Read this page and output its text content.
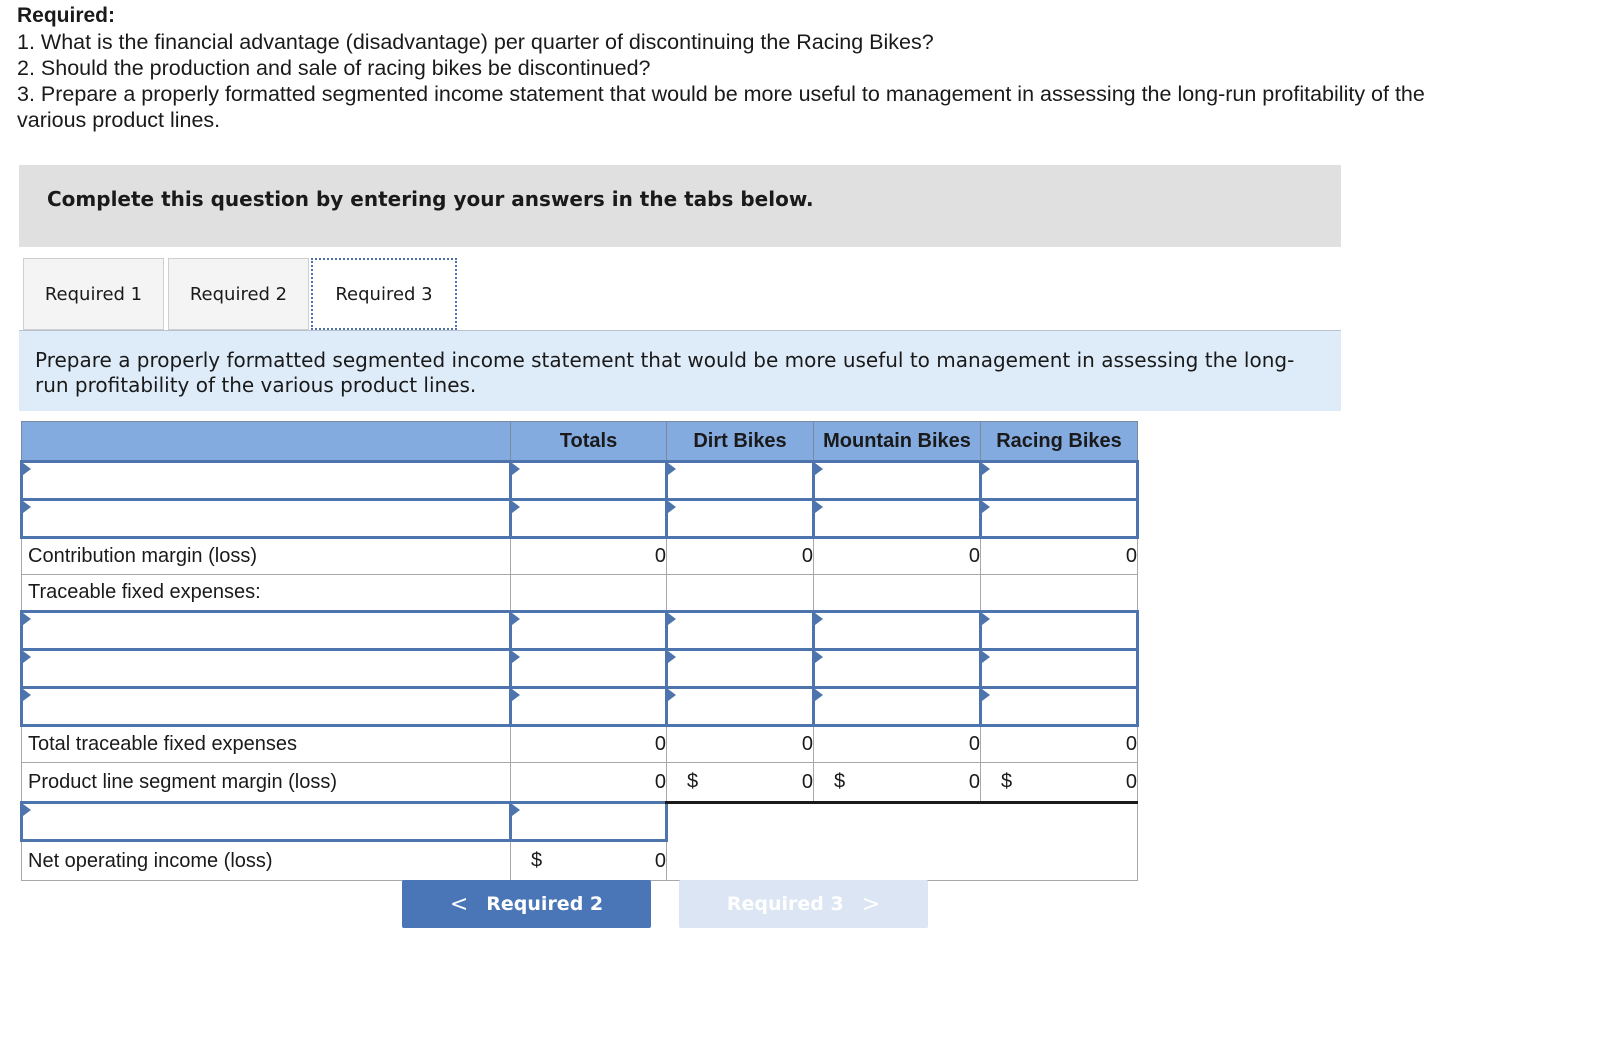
Required:
1. What is the financial advantage (disadvantage) per quarter of discontinuing the Racing Bikes?
2. Should the production and sale of racing bikes be discontinued?
3. Prepare a properly formatted segmented income statement that would be more useful to management in assessing the long-run profitability of the various product lines.
Complete this question by entering your answers in the tabs below.
Required 1	Required 2	Required 3
Prepare a properly formatted segmented income statement that would be more useful to management in assessing the long-run profitability of the various product lines.
	Totals	Dirt Bikes	Mountain Bikes	Racing Bikes

Contribution margin (loss)	0	0	0	0
Traceable fixed expenses:				

Total traceable fixed expenses	0	0	0	0
Product line segment margin (loss)	0	$ 0	$ 0	$ 0

Net operating income (loss)	$ 0			
< Required 2	Required 3 >
